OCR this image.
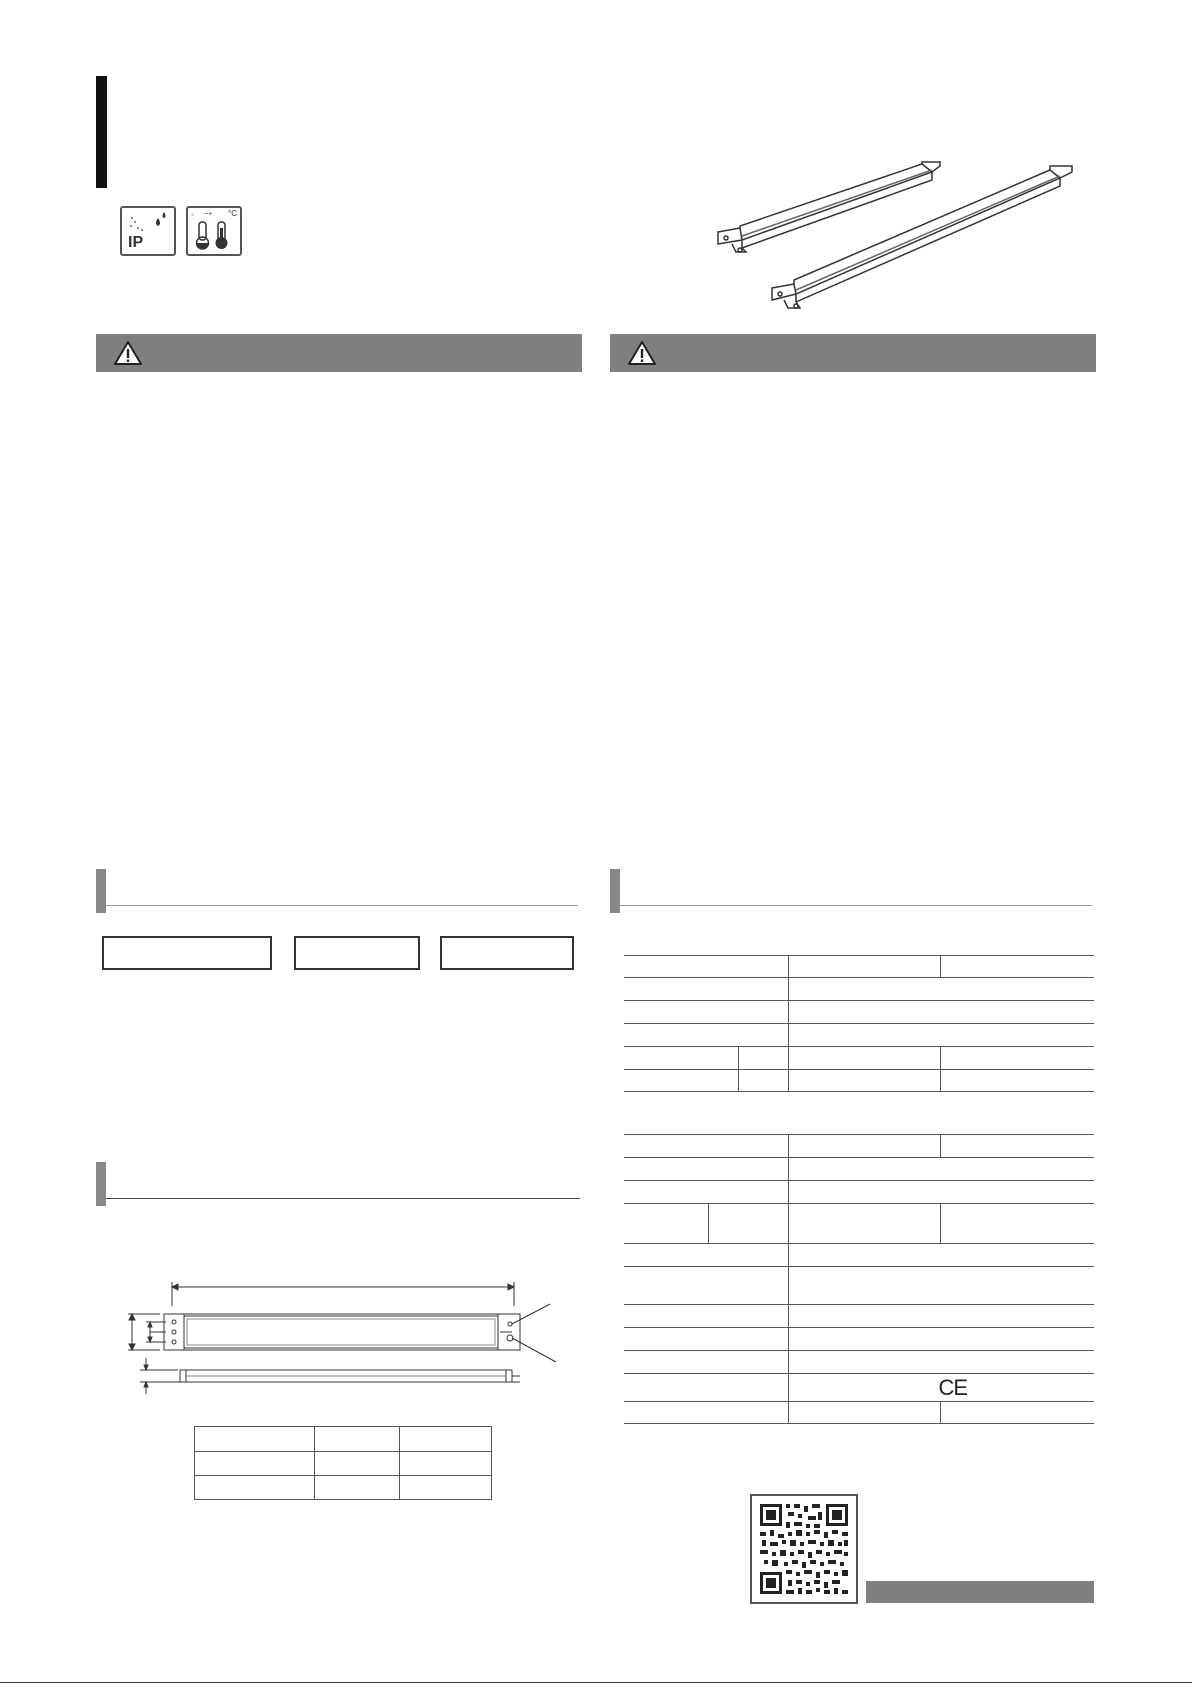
IP
°C
- ~+

		CE	
